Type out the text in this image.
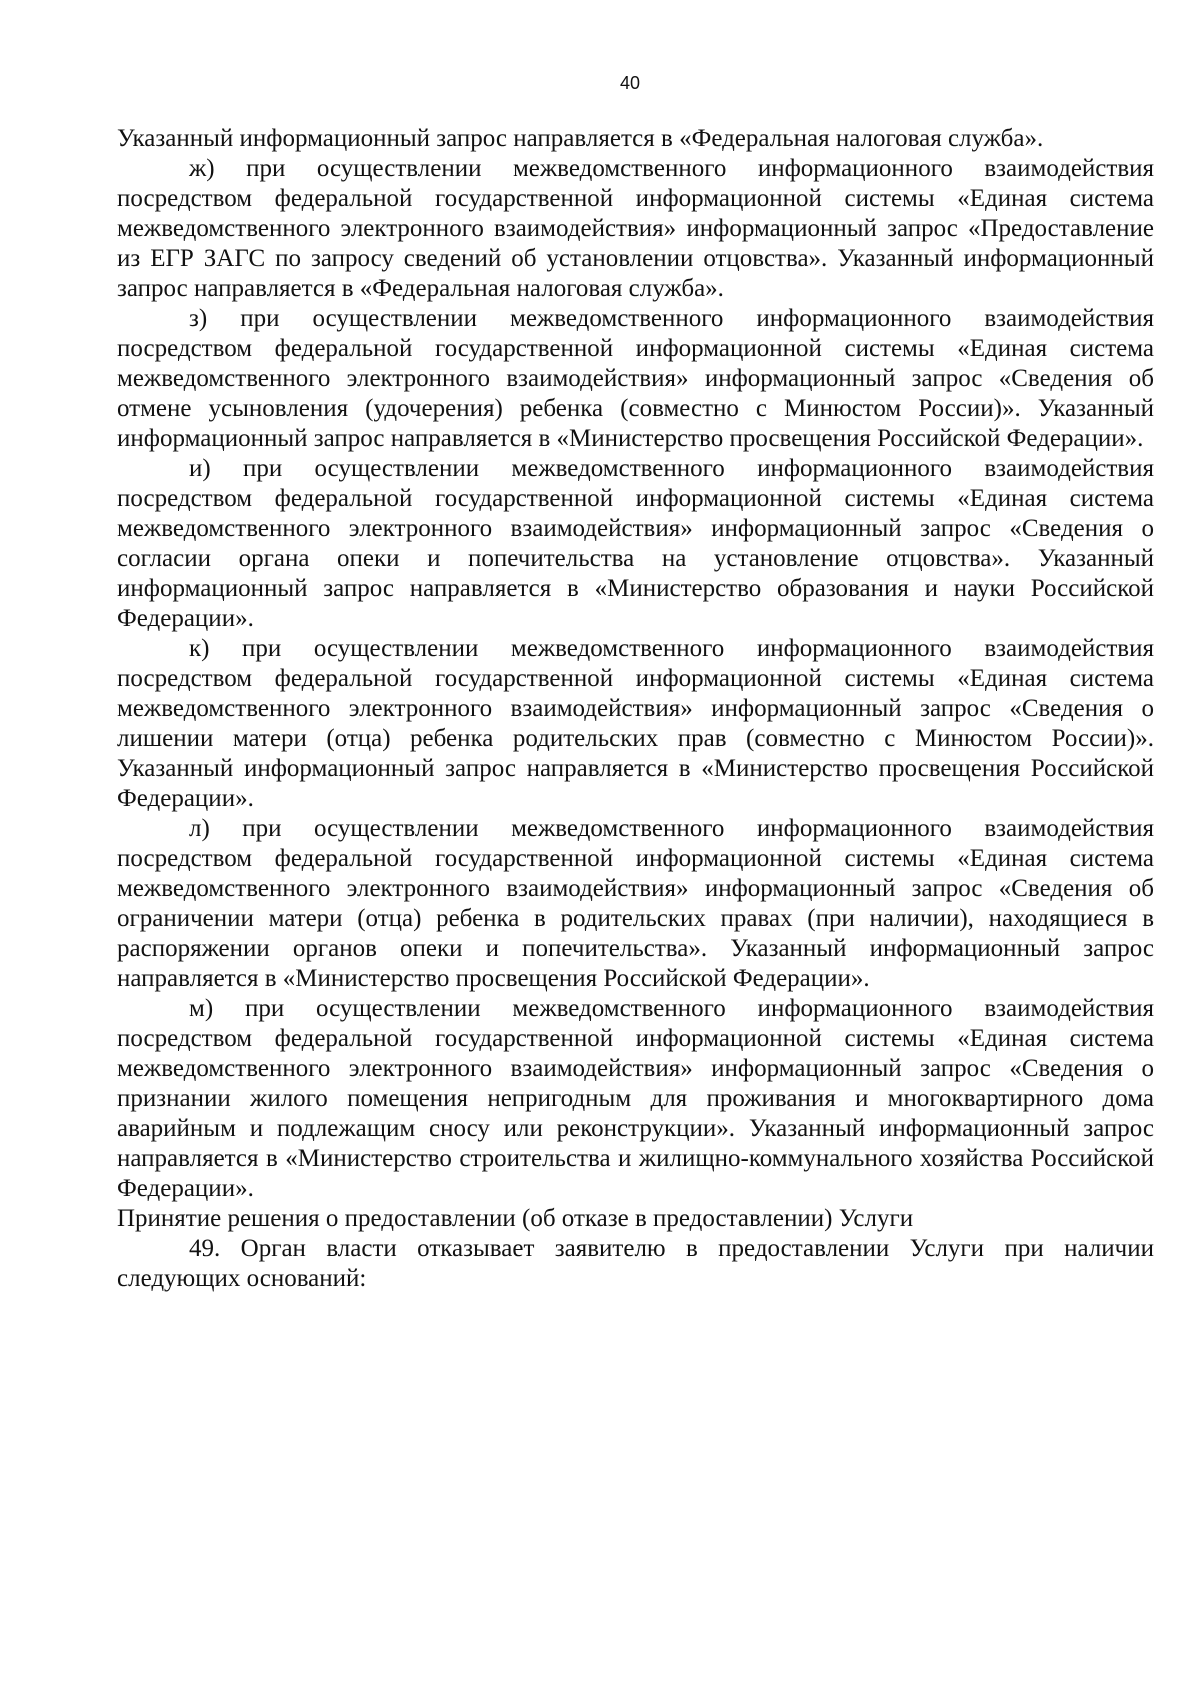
40

Указанный информационный запрос направляется в «Федеральная налоговая служба».

ж) при осуществлении межведомственного информационного взаимодействия посредством федеральной государственной информационной системы «Единая система межведомственного электронного взаимодействия» информационный запрос «Предоставление из ЕГР ЗАГС по запросу сведений об установлении отцовства». Указанный информационный запрос направляется в «Федеральная налоговая служба».

з) при осуществлении межведомственного информационного взаимодействия посредством федеральной государственной информационной системы «Единая система межведомственного электронного взаимодействия» информационный запрос «Сведения об отмене усыновления (удочерения) ребенка (совместно с Минюстом России)». Указанный информационный запрос направляется в «Министерство просвещения Российской Федерации».

и) при осуществлении межведомственного информационного взаимодействия посредством федеральной государственной информационной системы «Единая система межведомственного электронного взаимодействия» информационный запрос «Сведения о согласии органа опеки и попечительства на установление отцовства». Указанный информационный запрос направляется в «Министерство образования и науки Российской Федерации».

к) при осуществлении межведомственного информационного взаимодействия посредством федеральной государственной информационной системы «Единая система межведомственного электронного взаимодействия» информационный запрос «Сведения о лишении матери (отца) ребенка родительских прав (совместно с Минюстом России)». Указанный информационный запрос направляется в «Министерство просвещения Российской Федерации».

л) при осуществлении межведомственного информационного взаимодействия посредством федеральной государственной информационной системы «Единая система межведомственного электронного взаимодействия» информационный запрос «Сведения об ограничении матери (отца) ребенка в родительских правах (при наличии), находящиеся в распоряжении органов опеки и попечительства». Указанный информационный запрос направляется в «Министерство просвещения Российской Федерации».

м) при осуществлении межведомственного информационного взаимодействия посредством федеральной государственной информационной системы «Единая система межведомственного электронного взаимодействия» информационный запрос «Сведения о признании жилого помещения непригодным для проживания и многоквартирного дома аварийным и подлежащим сносу или реконструкции». Указанный информационный запрос направляется в «Министерство строительства и жилищно-коммунального хозяйства Российской Федерации».

Принятие решения о предоставлении (об отказе в предоставлении) Услуги

49. Орган власти отказывает заявителю в предоставлении Услуги при наличии следующих оснований:
